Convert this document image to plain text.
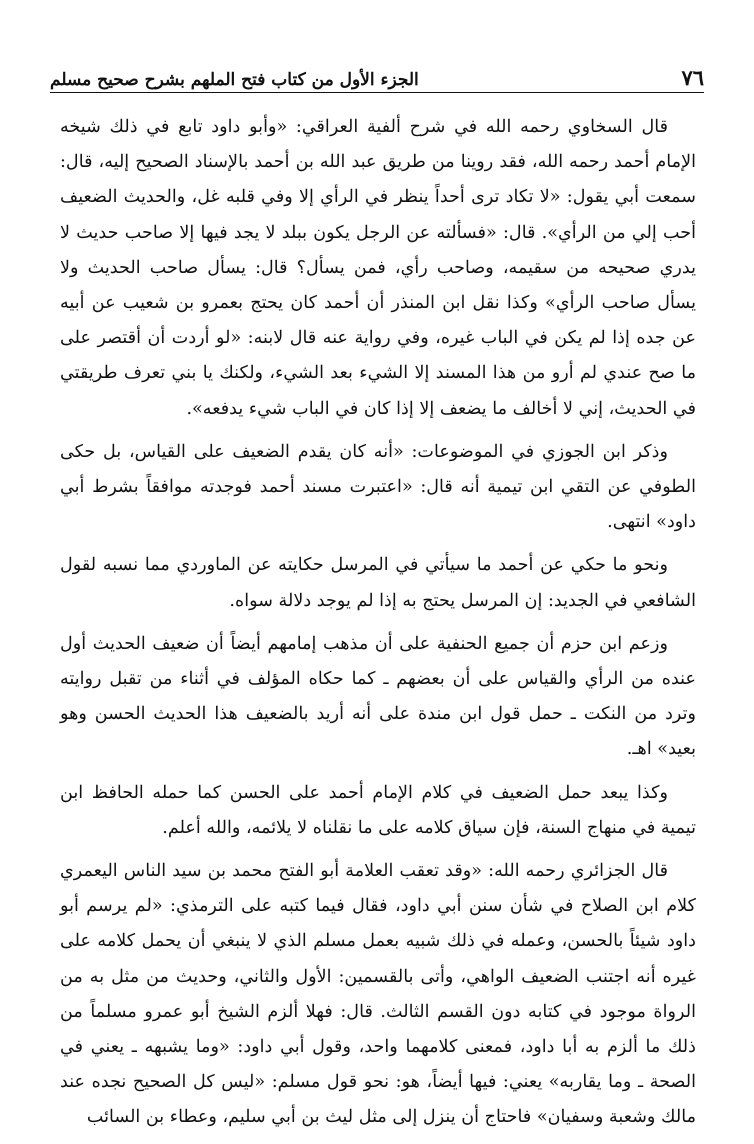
٧٦
الجزء الأول من كتاب فتح الملهم بشرح صحيح مسلم

قال السخاوي رحمه الله في شرح ألفية العراقي: «وأبو داود تابع في ذلك شيخه الإمام أحمد رحمه الله، فقد روينا من طريق عبد الله بن أحمد بالإسناد الصحيح إليه، قال: سمعت أبي يقول: «لا تكاد ترى أحداً ينظر في الرأي إلا وفي قلبه غل، والحديث الضعيف أحب إلي من الرأي». قال: «فسألته عن الرجل يكون ببلد لا يجد فيها إلا صاحب حديث لا يدري صحيحه من سقيمه، وصاحب رأي، فمن يسأل؟ قال: يسأل صاحب الحديث ولا يسأل صاحب الرأي» وكذا نقل ابن المنذر أن أحمد كان يحتج بعمرو بن شعيب عن أبيه عن جده إذا لم يكن في الباب غيره، وفي رواية عنه قال لابنه: «لو أردت أن أقتصر على ما صح عندي لم أرو من هذا المسند إلا الشيء بعد الشيء، ولكنك يا بني تعرف طريقتي في الحديث، إني لا أخالف ما يضعف إلا إذا كان في الباب شيء يدفعه».

وذكر ابن الجوزي في الموضوعات: «أنه كان يقدم الضعيف على القياس، بل حكى الطوفي عن التقي ابن تيمية أنه قال: «اعتبرت مسند أحمد فوجدته موافقاً بشرط أبي داود» انتهى.

ونحو ما حكي عن أحمد ما سيأتي في المرسل حكايته عن الماوردي مما نسبه لقول الشافعي في الجديد: إن المرسل يحتج به إذا لم يوجد دلالة سواه.

وزعم ابن حزم أن جميع الحنفية على أن مذهب إمامهم أيضاً أن ضعيف الحديث أول عنده من الرأي والقياس على أن بعضهم ـ كما حكاه المؤلف في أثناء من تقبل روايته وترد من النكت ـ حمل قول ابن مندة على أنه أريد بالضعيف هذا الحديث الحسن وهو بعيد» اهـ.

وكذا يبعد حمل الضعيف في كلام الإمام أحمد على الحسن كما حمله الحافظ ابن تيمية في منهاج السنة، فإن سياق كلامه على ما نقلناه لا يلائمه، والله أعلم.

قال الجزائري رحمه الله: «وقد تعقب العلامة أبو الفتح محمد بن سيد الناس اليعمري كلام ابن الصلاح في شأن سنن أبي داود، فقال فيما كتبه على الترمذي: «لم يرسم أبو داود شيئاً بالحسن، وعمله في ذلك شبيه بعمل مسلم الذي لا ينبغي أن يحمل كلامه على غيره أنه اجتنب الضعيف الواهي، وأتى بالقسمين: الأول والثاني، وحديث من مثل به من الرواة موجود في كتابه دون القسم الثالث. قال: فهلا ألزم الشيخ أبو عمرو مسلماً من ذلك ما ألزم به أبا داود، فمعنى كلامهما واحد، وقول أبي داود: «وما يشبهه ـ يعني في الصحة ـ وما يقاربه» يعني: فيها أيضاً، هو: نحو قول مسلم: «ليس كل الصحيح نجده عند مالك وشعبة وسفيان» فاحتاج أن ينزل إلى مثل ليث بن أبي سليم، وعطاء بن السائب
